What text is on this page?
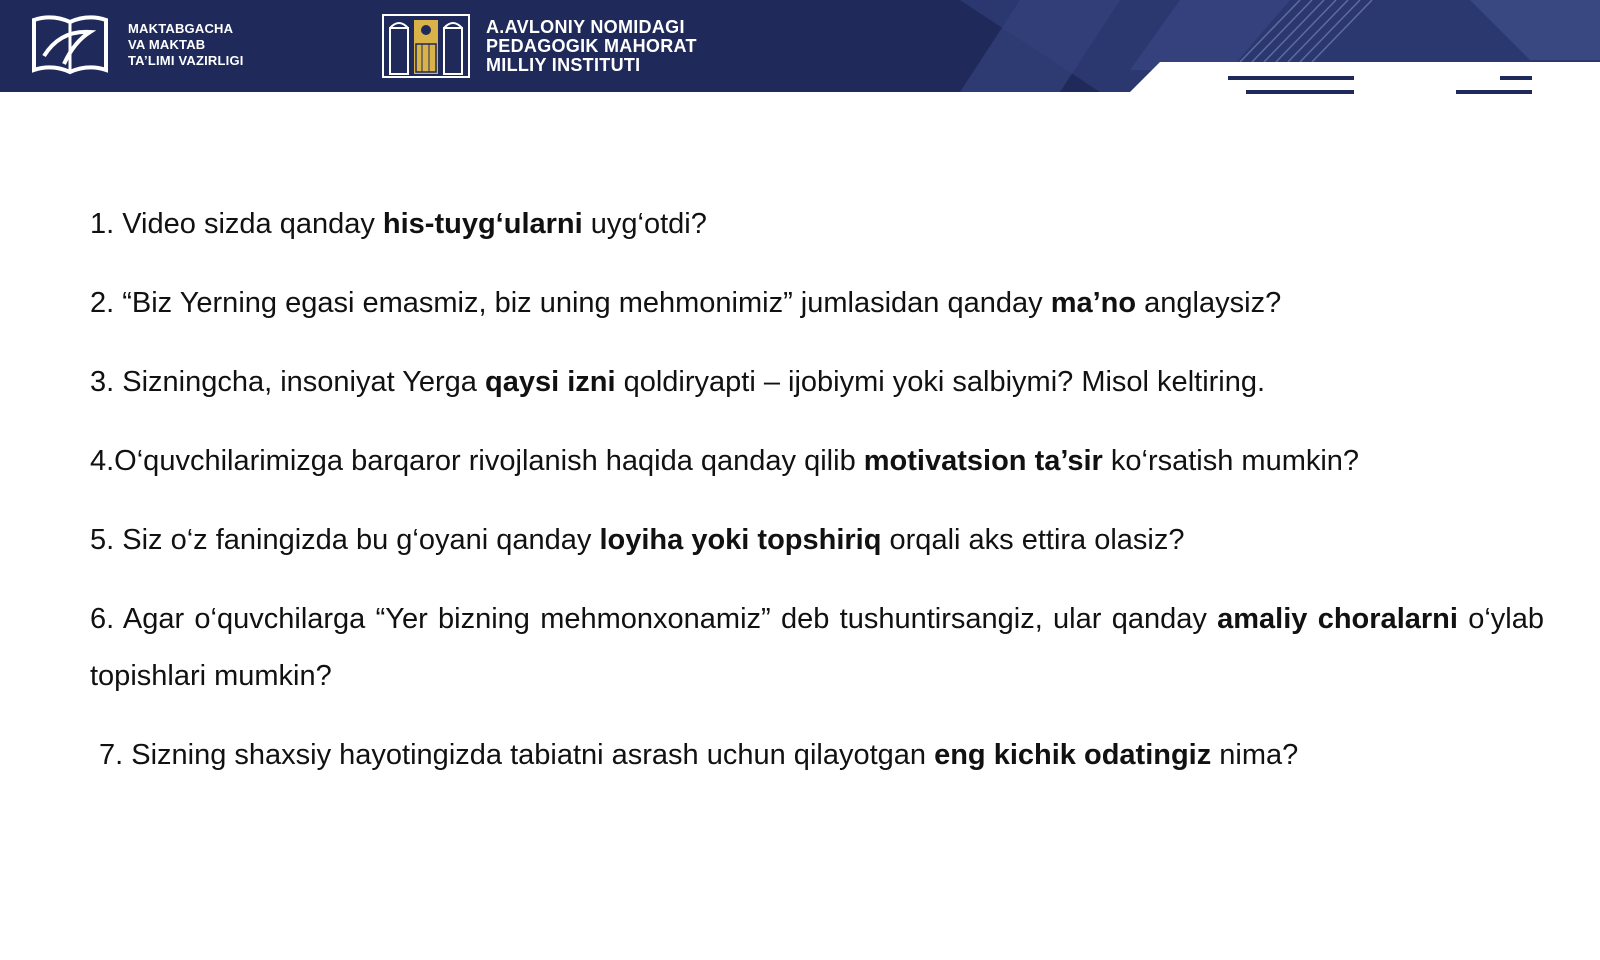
MAKTABGACHA
VA MAKTAB
TA’LIMI VAZIRLIGI
A.AVLONIY NOMIDAGI
PEDAGOGIK MAHORAT
MILLIY INSTITUTI

1. Video sizda qanday his-tuyg‘ularni uyg‘otdi?

2. “Biz Yerning egasi emasmiz, biz uning mehmonimiz” jumlasidan qanday ma’no anglaysiz?

3. Sizningcha, insoniyat Yerga qaysi izni qoldiryapti – ijobiymi yoki salbiymi? Misol keltiring.

4.O‘quvchilarimizga barqaror rivojlanish haqida qanday qilib motivatsion ta’sir ko‘rsatish mumkin?

5. Siz o‘z faningizda bu g‘oyani qanday loyiha yoki topshiriq orqali aks ettira olasiz?

6. Agar o‘quvchilarga “Yer bizning mehmonxonamiz” deb tushuntirsangiz, ular qanday amaliy choralarni o‘ylab topishlari mumkin?

7. Sizning shaxsiy hayotingizda tabiatni asrash uchun qilayotgan eng kichik odatingiz nima?
